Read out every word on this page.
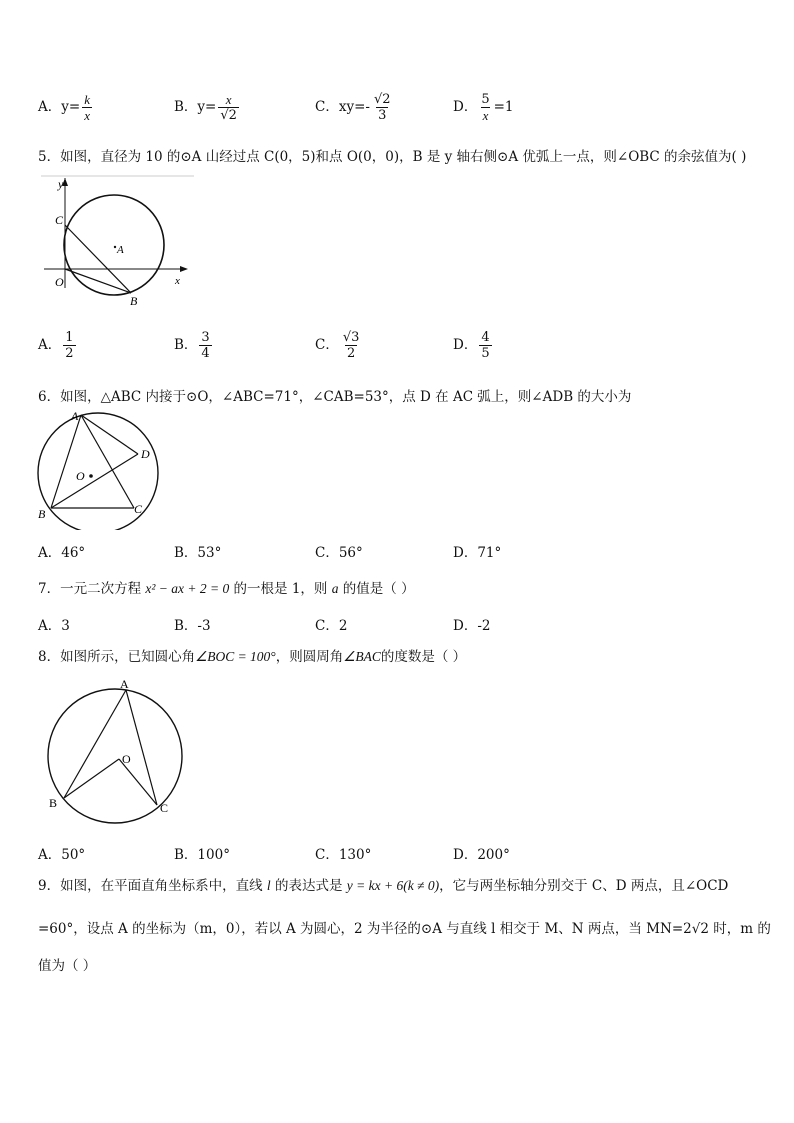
A．$y= \frac{k}{x}$	B．$y= \frac{x}{√2}$	C．$xy=- \frac{√2}{3}$	D． $\frac{5}{x} =1$
5．如图，直径为 10 的⊙A 山经过点 C(0，5)和点 O(0，0)，B 是 y 轴右侧⊙A 优弧上一点，则∠OBC 的余弦值为( )
y
C
A
O
B
x
A． $\frac{1}{2}$	B． $\frac{3}{4}$	C． $\frac{√3}{2}$	D． $\frac{4}{5}$
6．如图，△ABC 内接于⊙O，∠ABC=71°，∠CAB=53°，点 D 在 AC 弧上，则∠ADB 的大小为
A
D
O
B	C
A．46°	B．53°	C．56°	D．71°
7．一元二次方程 x² − ax + 2 = 0 的一根是 1，则 a 的值是（ ）
A．3	B．-3	C．2	D．-2
8．如图所示，已知圆心角∠BOC = 100°，则圆周角∠BAC的度数是（ ）
A
O
B	C
A．50°	B．100°	C．130°	D．200°
9．如图，在平面直角坐标系中，直线 l 的表达式是 y = kx + 6(k ≠ 0)，它与两坐标轴分别交于 C、D 两点，且∠OCD
=60°，设点 A 的坐标为（m，0），若以 A 为圆心，2 为半径的⊙A 与直线 l 相交于 M、N 两点，当 MN=2√2 时，m 的
值为（ ）
